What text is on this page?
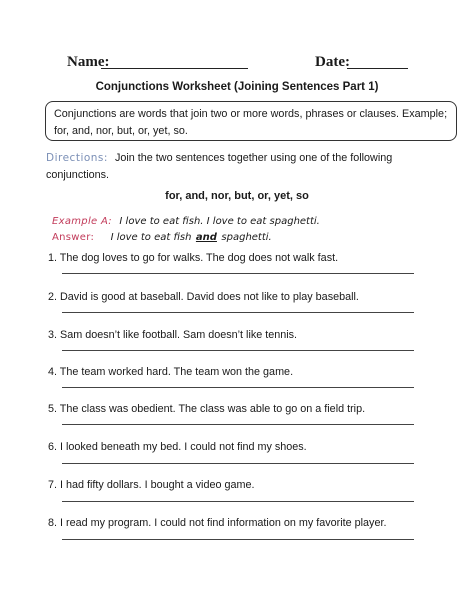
Name:	Date:
Conjunctions Worksheet (Joining Sentences Part 1)
Conjunctions are words that join two or more words, phrases or clauses. Example;
for, and, nor, but, or, yet, so.
Directions: Join the two sentences together using one of the following
conjunctions.
for, and, nor, but, or, yet, so
Example A: I love to eat fish. I love to eat spaghetti.
Answer: I love to eat fish and spaghetti.
1. The dog loves to go for walks. The dog does not walk fast.
2. David is good at baseball. David does not like to play baseball.
3. Sam doesn’t like football. Sam doesn’t like tennis.
4. The team worked hard. The team won the game.
5. The class was obedient. The class was able to go on a field trip.
6. I looked beneath my bed. I could not find my shoes.
7. I had fifty dollars. I bought a video game.
8. I read my program. I could not find information on my favorite player.
